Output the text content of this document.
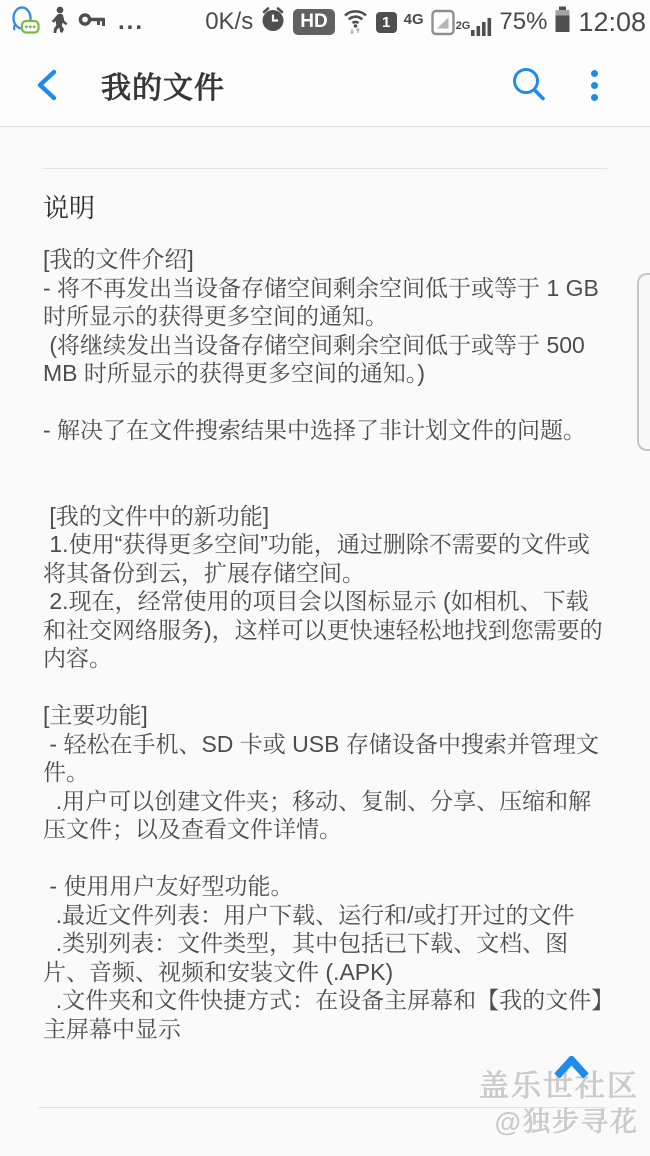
...	0K/s	HD	1 4G	2G 75% 12:08
我的文件
说明
[我的文件介绍]
- 将不再发出当设备存储空间剩余空间低于或等于 1 GB 时所显示的获得更多空间的通知。
(将继续发出当设备存储空间剩余空间低于或等于 500 MB 时所显示的获得更多空间的通知。)
- 解决了在文件搜索结果中选择了非计划文件的问题。
[我的文件中的新功能]
1.使用“获得更多空间”功能，通过删除不需要的文件或将其备份到云，扩展存储空间。
2.现在，经常使用的项目会以图标显示 (如相机、下载和社交网络服务)，这样可以更快速轻松地找到您需要的内容。
[主要功能]
- 轻松在手机、SD 卡或 USB 存储设备中搜索并管理文件。
.用户可以创建文件夹；移动、复制、分享、压缩和解压文件；以及查看文件详情。
- 使用用户友好型功能。
.最近文件列表：用户下载、运行和/或打开过的文件
.类别列表：文件类型，其中包括已下载、文档、图片、音频、视频和安装文件 (.APK)
.文件夹和文件快捷方式：在设备主屏幕和【我的文件】主屏幕中显示
盖乐世社区
@独步寻花
